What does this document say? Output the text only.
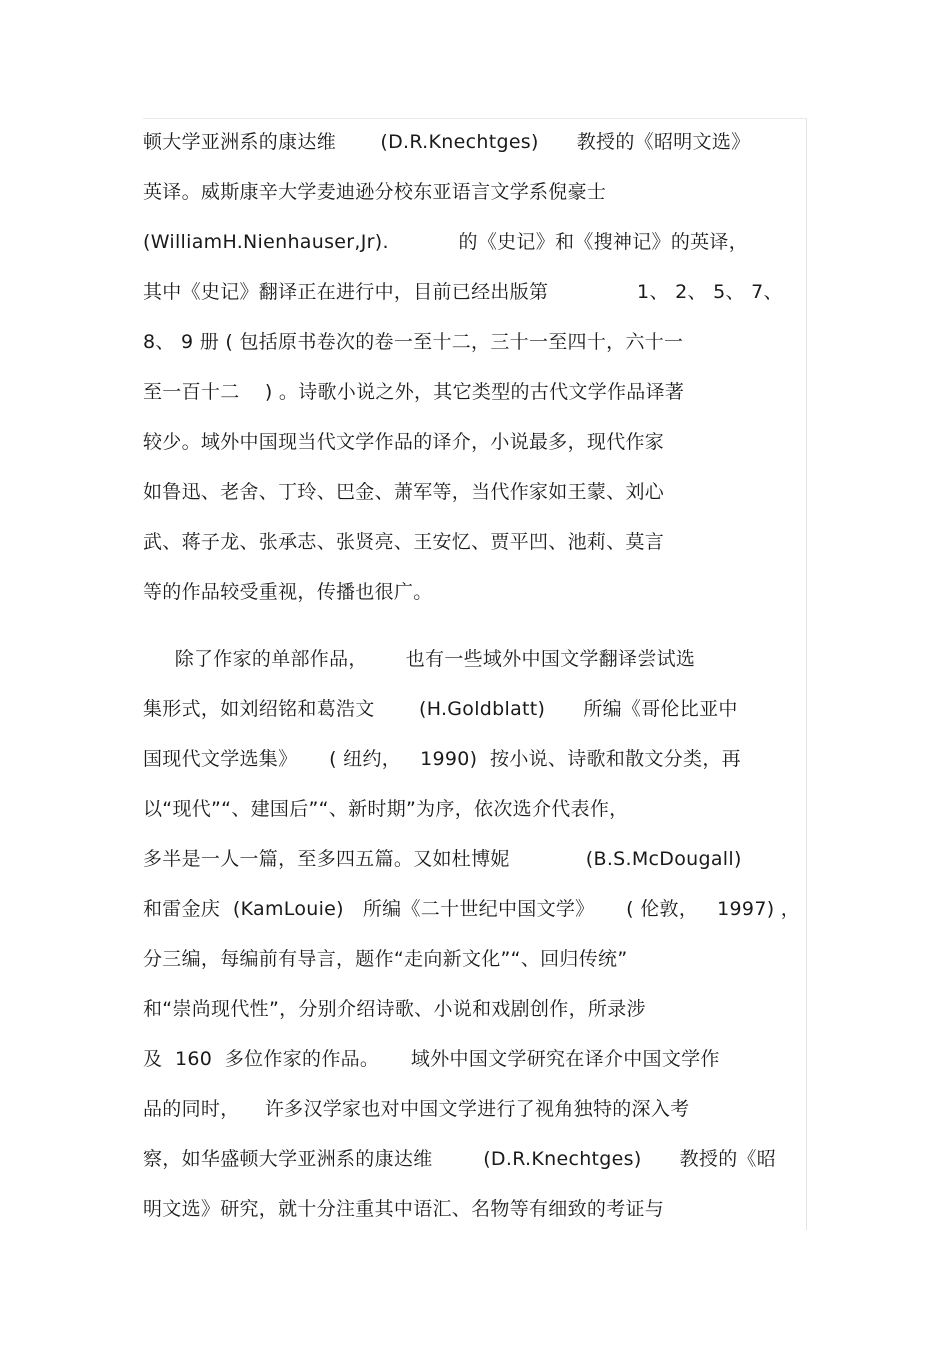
顿大学亚洲系的康达维       (D.R.Knechtges)      教授的《昭明文选》
英译。威斯康辛大学麦迪逊分校东亚语言文学系倪豪士
(WilliamH.Nienhauser,Jr).           的《史记》和《搜神记》的英译，
其中《史记》翻译正在进行中，目前已经出版第              1、 2、 5、 7、
8、 9 册 ( 包括原书卷次的卷一至十二，三十一至四十，六十一
至一百十二    ) 。诗歌小说之外，其它类型的古代文学作品译著
较少。域外中国现当代文学作品的译介，小说最多，现代作家
如鲁迅、老舍、丁玲、巴金、萧军等，当代作家如王蒙、刘心
武、蒋子龙、张承志、张贤亮、王安忆、贾平凹、池莉、莫言
等的作品较受重视，传播也很广。
除了作家的单部作品，      也有一些域外中国文学翻译尝试选
集形式，如刘绍铭和葛浩文       (H.Goldblatt)      所编《哥伦比亚中
国现代文学选集》     ( 纽约，   1990)  按小说、诗歌和散文分类，再
以“现代”“、建国后”“、新时期”为序，依次选介代表作，
多半是一人一篇，至多四五篇。又如杜博妮            (B.S.McDougall)
和雷金庆  (KamLouie)   所编《二十世纪中国文学》     ( 伦敦，   1997) ，
分三编，每编前有导言，题作“走向新文化”“、回归传统”
和“崇尚现代性”，分别介绍诗歌、小说和戏剧创作，所录涉
及  160  多位作家的作品。     域外中国文学研究在译介中国文学作
品的同时，    许多汉学家也对中国文学进行了视角独特的深入考
察，如华盛顿大学亚洲系的康达维        (D.R.Knechtges)      教授的《昭
明文选》研究，就十分注重其中语汇、名物等有细致的考证与
